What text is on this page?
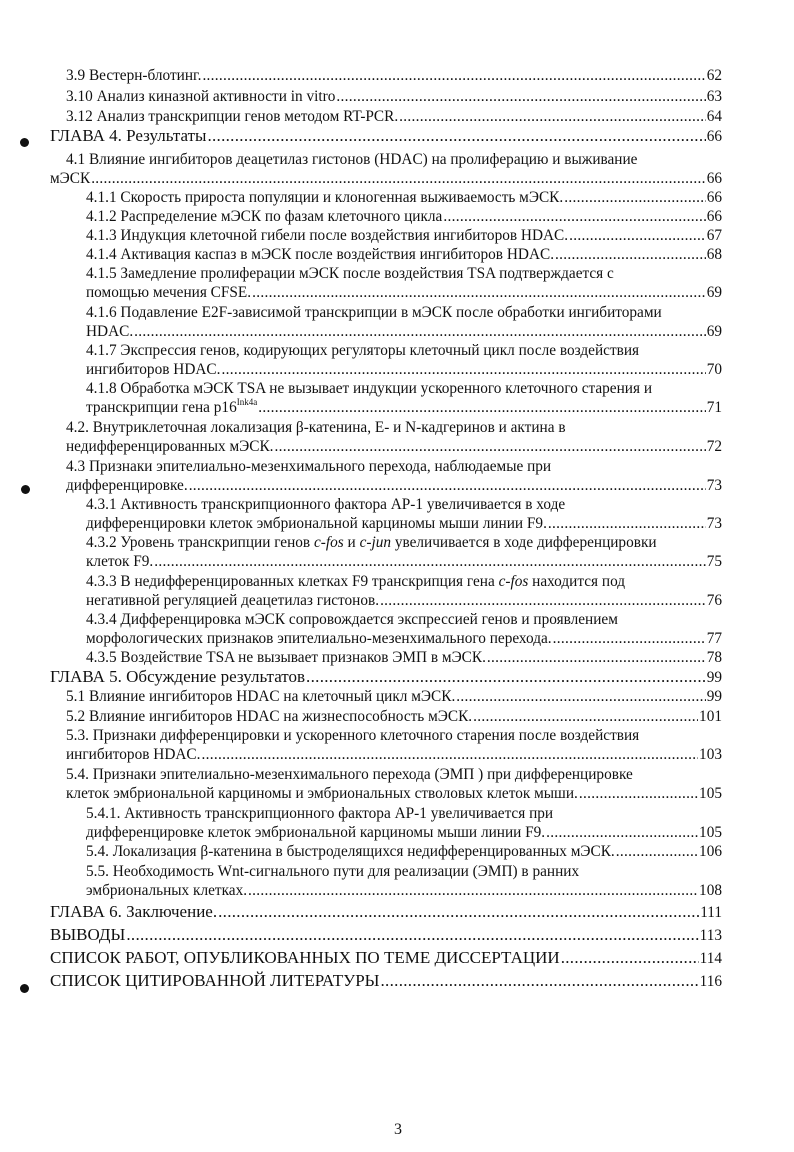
3.9 Вестерн-блотинг. .....	62
3.10 Анализ киназной активности in vitro .....	63
3.12 Анализ транскрипции генов методом RT-PCR. .....	64
ГЛАВА 4. Результаты .....	66
4.1 Влияние ингибиторов деацетилаз гистонов (HDAC) на пролиферацию и выживание
мЭСК .....	66
4.1.1 Скорость прироста популяции и клоногенная выживаемость мЭСК. .....	66
4.1.2 Распределение мЭСК по фазам клеточного цикла .....	66
4.1.3 Индукция клеточной гибели после воздействия ингибиторов HDAC. .....	67
4.1.4 Активация каспаз в мЭСК после воздействия ингибиторов HDAC. .....	68
4.1.5 Замедление пролиферации мЭСК после воздействия TSA подтверждается с
помощью мечения CFSE. .....	69
4.1.6 Подавление E2F-зависимой транскрипции в мЭСК после обработки ингибиторами
HDAC. .....	69
4.1.7 Экспрессия генов, кодирующих регуляторы клеточный цикл после воздействия
ингибиторов HDAC. .....	70
4.1.8 Обработка мЭСК TSA не вызывает индукции ускоренного клеточного старения и
транскрипции гена $p16^{Ink4a}$ .....	71
4.2. Внутриклеточная локализация β-катенина, E- и N-кадгеринов и актина в
недифференцированных мЭСК. .....	72
4.3 Признаки эпителиально-мезенхимального перехода, наблюдаемые при
дифференцировке. .....	73
4.3.1 Активность транскрипционного фактора AP-1 увеличивается в ходе
дифференцировки клеток эмбриональной карциномы мыши линии F9. .....	73
4.3.2 Уровень транскрипции генов c-fos и c-jun увеличивается в ходе дифференцировки
клеток F9. .....	75
4.3.3 В недифференцированных клетках F9 транскрипция гена c-fos находится под
негативной регуляцией деацетилаз гистонов. .....	76
4.3.4 Дифференцировка мЭСК сопровождается экспрессией генов и проявлением
морфологических признаков эпителиально-мезенхимального перехода. .....	77
4.3.5 Воздействие TSA не вызывает признаков ЭМП в мЭСК. .....	78
ГЛАВА 5. Обсуждение результатов .....	99
5.1 Влияние ингибиторов HDAC на клеточный цикл мЭСК. .....	99
5.2 Влияние ингибиторов HDAC на жизнеспособность мЭСК. .....	101
5.3. Признаки дифференцировки и ускоренного клеточного старения после воздействия
ингибиторов HDAC. .....	103
5.4. Признаки эпителиально-мезенхимального перехода (ЭМП ) при дифференцировке
клеток эмбриональной карциномы и эмбриональных стволовых клеток мыши. .....	105
5.4.1. Активность транскрипционного фактора AP-1 увеличивается при
дифференцировке клеток эмбриональной карциномы мыши линии F9. .....	105
5.4. Локализация β-катенина в быстроделящихся недифференцированных мЭСК. .....	106
5.5. Необходимость Wnt-сигнального пути для реализации (ЭМП) в ранних
эмбриональных клетках. .....	108
ГЛАВА 6. Заключение. .....	111
ВЫВОДЫ .....	113
СПИСОК РАБОТ, ОПУБЛИКОВАННЫХ ПО ТЕМЕ ДИССЕРТАЦИИ .....	114
СПИСОК ЦИТИРОВАННОЙ ЛИТЕРАТУРЫ .....	116
3
